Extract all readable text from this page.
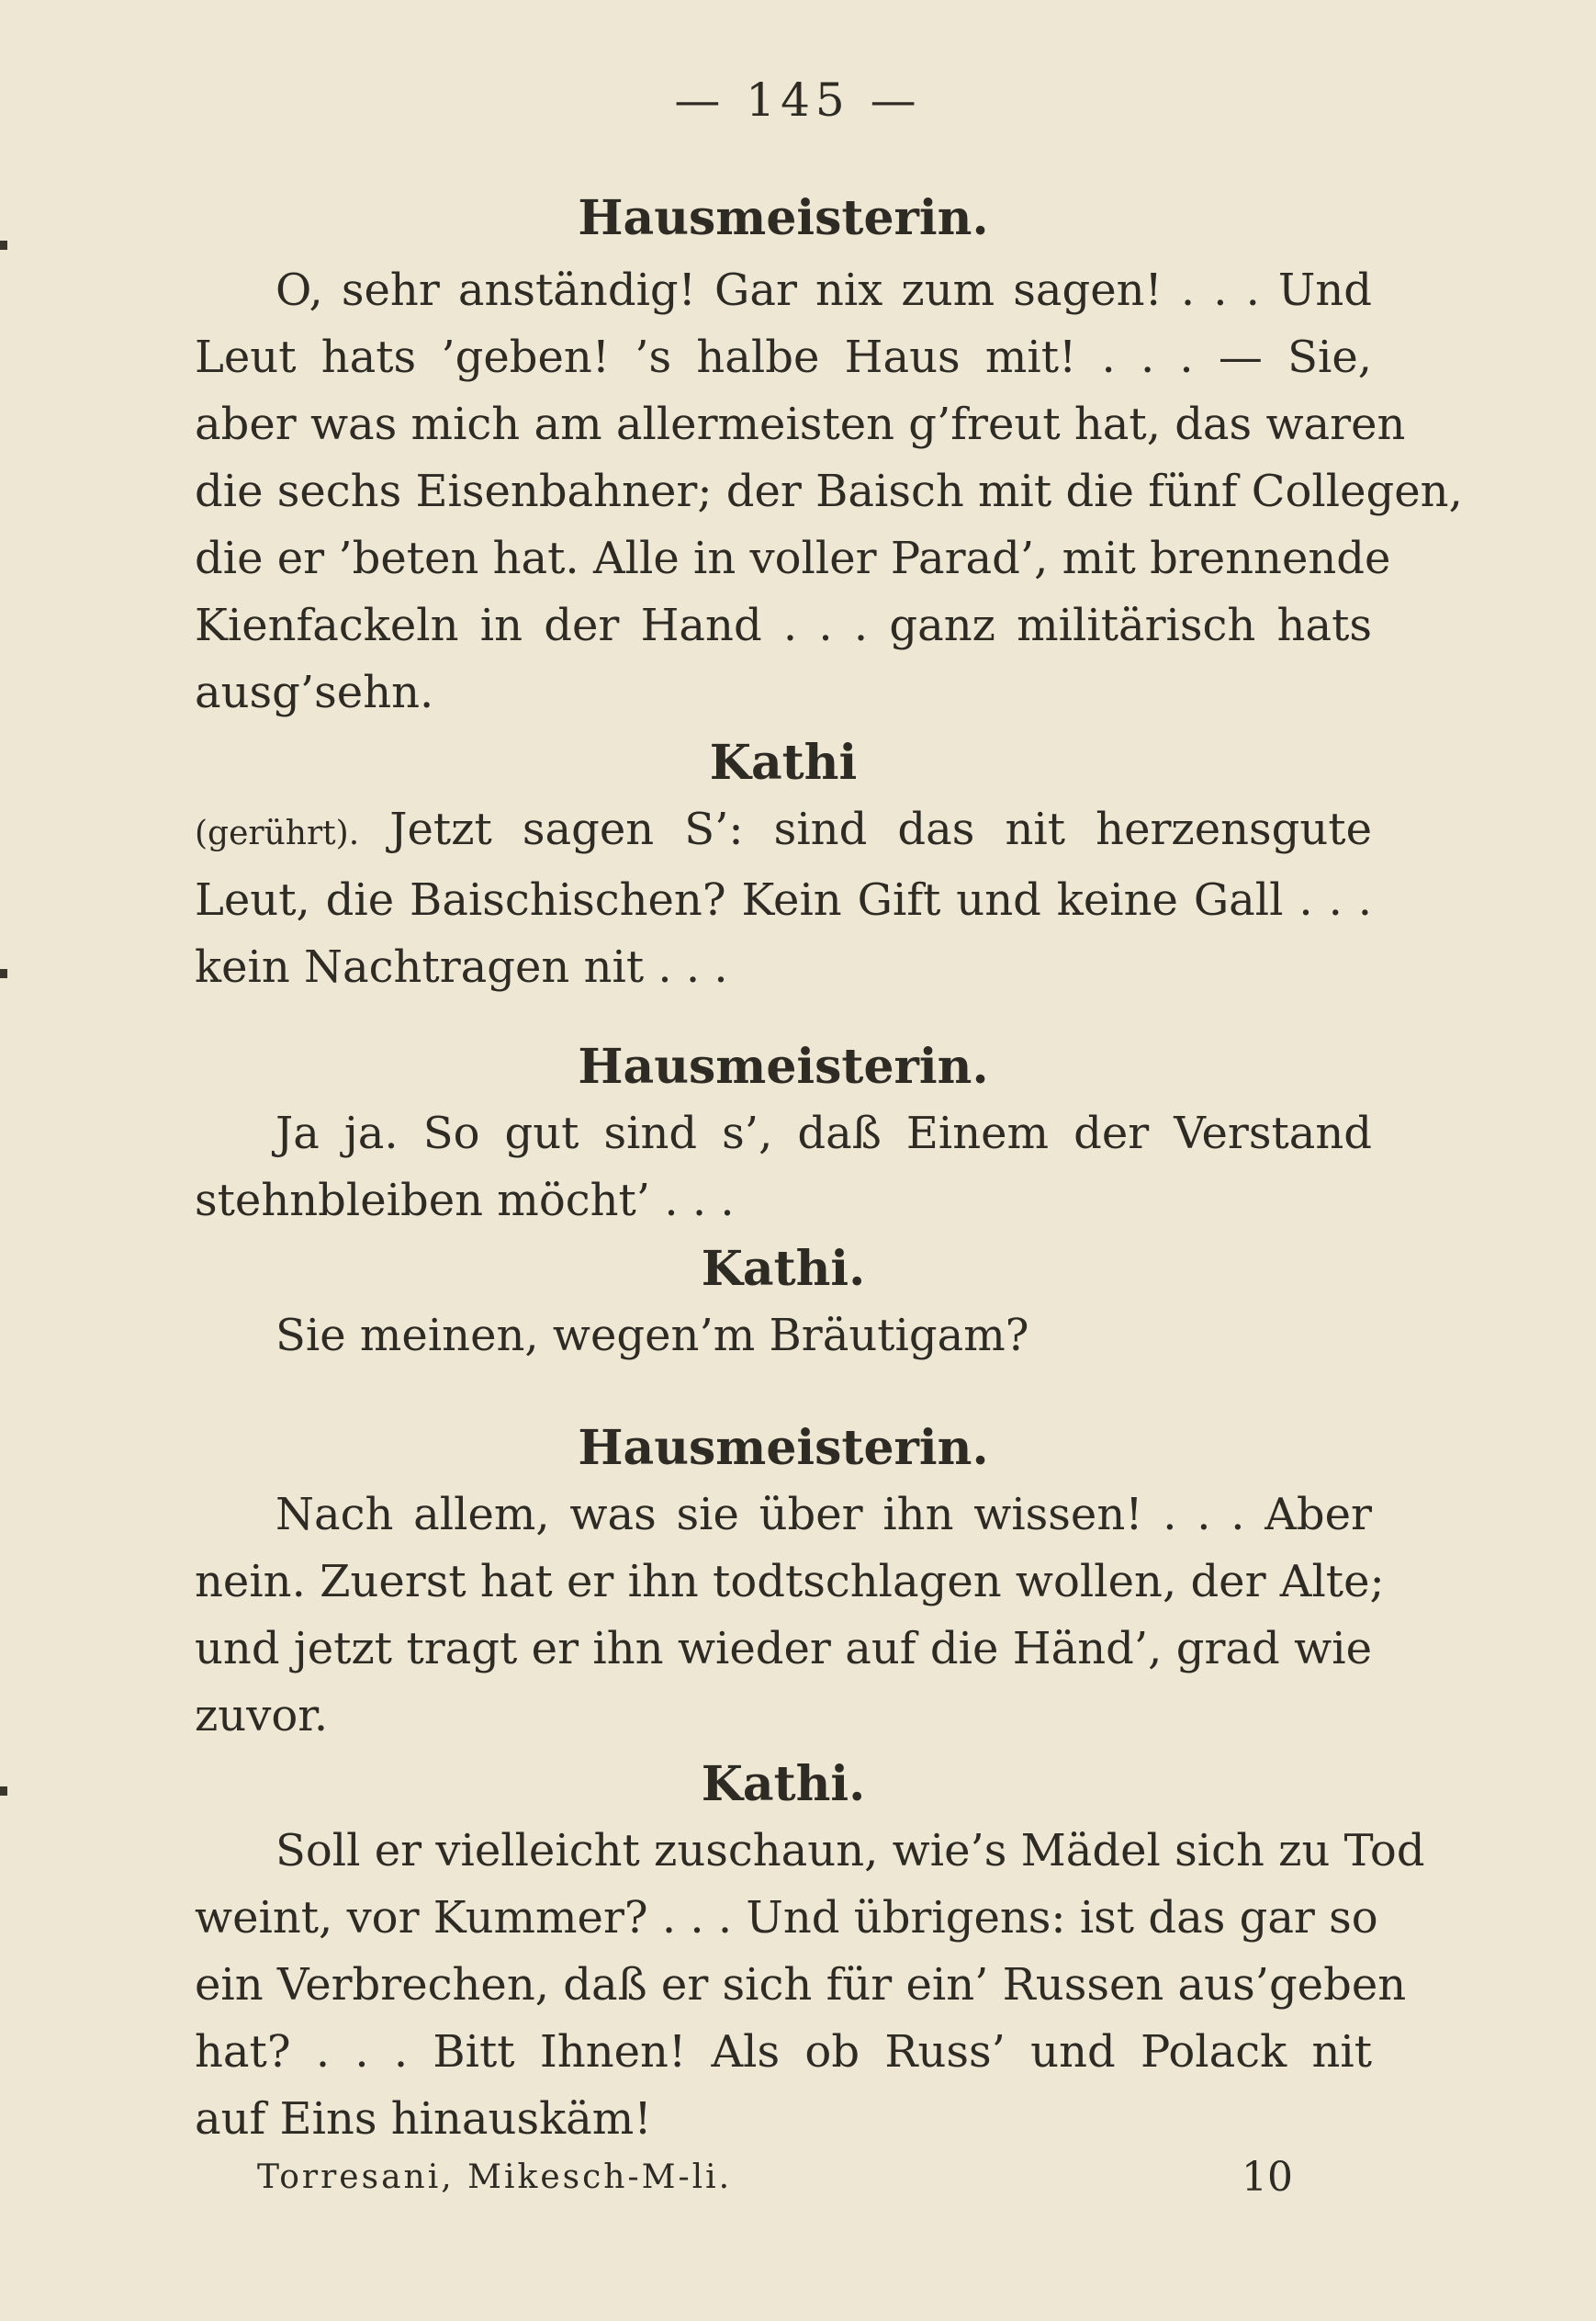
— 145 —

Hausmeisterin.

O, sehr anständig! Gar nix zum sagen! . . . Und
Leut hats ’geben! ’s halbe Haus mit! . . . — Sie,
aber was mich am allermeisten g’freut hat, das waren
die sechs Eisenbahner; der Baisch mit die fünf Collegen,
die er ’beten hat. Alle in voller Parad’, mit brennende
Kienfackeln in der Hand . . . ganz militärisch hats
ausg’sehn.

Kathi

(gerührt). Jetzt sagen S’: sind das nit herzensgute
Leut, die Baischischen? Kein Gift und keine Gall . . .
kein Nachtragen nit . . .

Hausmeisterin.

Ja ja. So gut sind s’, daß Einem der Verstand
stehnbleiben möcht’ . . .

Kathi.

Sie meinen, wegen’m Bräutigam?

Hausmeisterin.

Nach allem, was sie über ihn wissen! . . . Aber
nein. Zuerst hat er ihn todtschlagen wollen, der Alte;
und jetzt tragt er ihn wieder auf die Händ’, grad wie
zuvor.

Kathi.

Soll er vielleicht zuschaun, wie’s Mädel sich zu Tod
weint, vor Kummer? . . . Und übrigens: ist das gar so
ein Verbrechen, daß er sich für ein’ Russen aus’geben
hat? . . . Bitt Ihnen! Als ob Russ’ und Polack nit
auf Eins hinauskäm!
Torresani, Mikesch-M-li.	10
